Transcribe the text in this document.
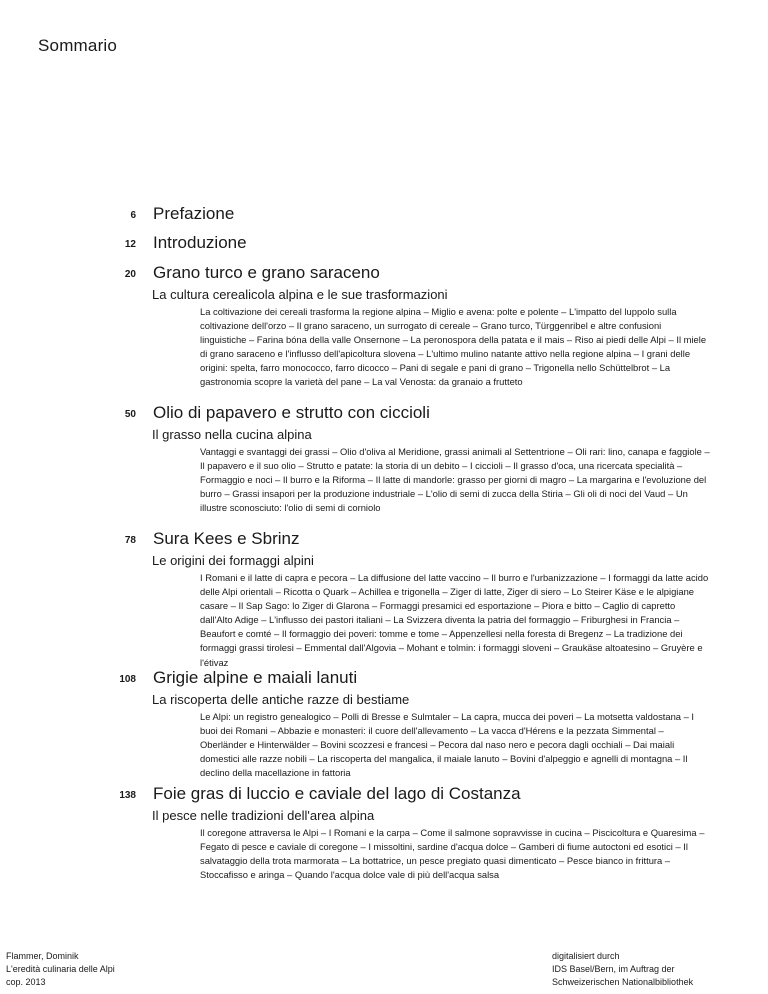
Sommario
6 Prefazione
12 Introduzione
20 Grano turco e grano saraceno
La cultura cerealicola alpina e le sue trasformazioni
La coltivazione dei cereali trasforma la regione alpina – Miglio e avena: polte e polente – L'impatto del luppolo sulla coltivazione dell'orzo – Il grano saraceno, un surrogato di cereale – Grano turco, Türggenribel e altre confusioni linguistiche – Farina bóna della valle Onsernone – La peronospora della patata e il mais – Riso ai piedi delle Alpi – Il miele di grano saraceno e l'influsso dell'apicoltura slovena – L'ultimo mulino natante attivo nella regione alpina – I grani delle origini: spelta, farro monococco, farro dicocco – Pani di segale e pani di grano – Trigonella nello Schüttelbrot – La gastronomia scopre la varietà del pane – La val Venosta: da granaio a frutteto
50 Olio di papavero e strutto con ciccioli
Il grasso nella cucina alpina
Vantaggi e svantaggi dei grassi – Olio d'oliva al Meridione, grassi animali al Settentrione – Oli rari: lino, canapa e faggiole – Il papavero e il suo olio – Strutto e patate: la storia di un debito – I ciccioli – Il grasso d'oca, una ricercata specialità – Formaggio e noci – Il burro e la Riforma – Il latte di mandorle: grasso per giorni di magro – La margarina e l'evoluzione del burro – Grassi insapori per la produzione industriale – L'olio di semi di zucca della Stiria – Gli oli di noci del Vaud – Un illustre sconosciuto: l'olio di semi di corniolo
78 Sura Kees e Sbrinz
Le origini dei formaggi alpini
I Romani e il latte di capra e pecora – La diffusione del latte vaccino – Il burro e l'urbanizzazione – I formaggi da latte acido delle Alpi orientali – Ricotta o Quark – Achillea e trigonella – Ziger di latte, Ziger di siero – Lo Steirer Käse e le alpigiane casare – Il Sap Sago: lo Ziger di Glarona – Formaggi presamici ed esportazione – Piora e bitto – Caglio di capretto dall'Alto Adige – L'influsso dei pastori italiani – La Svizzera diventa la patria del formaggio – Friburghesi in Francia – Beaufort e comté – Il formaggio dei poveri: tomme e tome – Appenzellesi nella foresta di Bregenz – La tradizione dei formaggi grassi tirolesi – Emmental dall'Algovia – Mohant e tolmin: i formaggi sloveni – Graukäse altoatesino – Gruyère e l'étivaz
108 Grigie alpine e maiali lanuti
La riscoperta delle antiche razze di bestiame
Le Alpi: un registro genealogico – Polli di Bresse e Sulmtaler – La capra, mucca dei poveri – La motsetta valdostana – I buoi dei Romani – Abbazie e monasteri: il cuore dell'allevamento – La vacca d'Hérens e la pezzata Simmental – Oberländer e Hinterwälder – Bovini scozzesi e francesi – Pecora dal naso nero e pecora dagli occhiali – Dai maiali domestici alle razze nobili – La riscoperta del mangalica, il maiale lanuto – Bovini d'alpeggio e agnelli di montagna – Il declino della macellazione in fattoria
138 Foie gras di luccio e caviale del lago di Costanza
Il pesce nelle tradizioni dell'area alpina
Il coregone attraversa le Alpi – I Romani e la carpa – Come il salmone sopravvisse in cucina – Piscicoltura e Quaresima – Fegato di pesce e caviale di coregone – I missoltini, sardine d'acqua dolce – Gamberi di fiume autoctoni ed esotici – Il salvataggio della trota marmorata – La bottatrice, un pesce pregiato quasi dimenticato – Pesce bianco in frittura – Stoccafisso e aringa – Quando l'acqua dolce vale di più dell'acqua salsa
Flammer, Dominik
L'eredità culinaria delle Alpi
cop. 2013
digitalisiert durch
IDS Basel/Bern, im Auftrag der
Schweizerischen Nationalbibliothek
